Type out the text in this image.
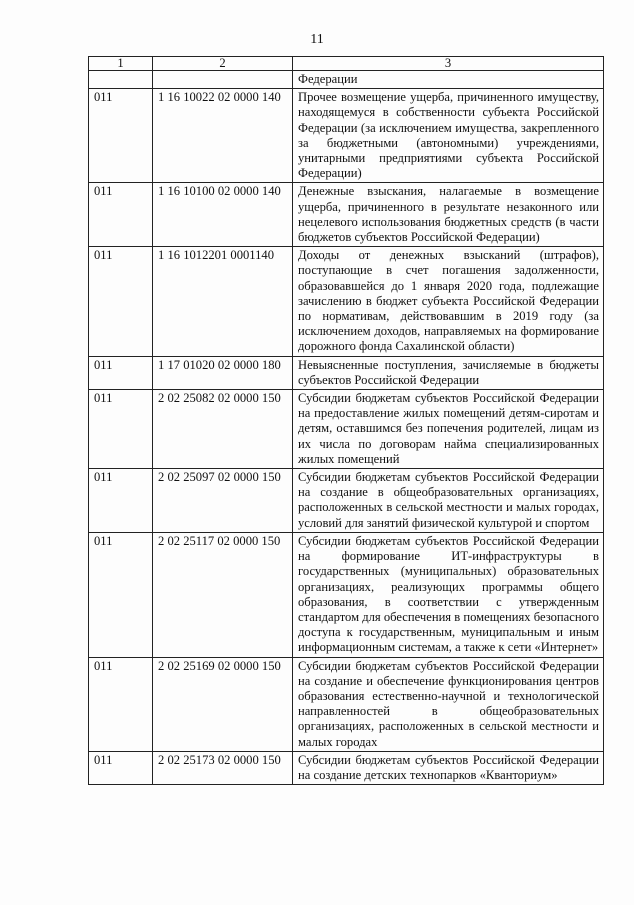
11
1	2	3
		Федерации
011	1 16 10022 02 0000 140	Прочее возмещение ущерба, причиненного имуществу, находящемуся в собственности субъекта Российской Федерации (за исключением имущества, закрепленного за бюджетными (автономными) учреждениями, унитарными предприятиями субъекта Российской Федерации)
011	1 16 10100 02 0000 140	Денежные взыскания, налагаемые в возмещение ущерба, причиненного в результате незаконного или нецелевого использования бюджетных средств (в части бюджетов субъектов Российской Федерации)
011	1 16 1012201 0001140	Доходы от денежных взысканий (штрафов), поступающие в счет погашения задолженности, образовавшейся до 1 января 2020 года, подлежащие зачислению в бюджет субъекта Российской Федерации по нормативам, действовавшим в 2019 году (за исключением доходов, направляемых на формирование дорожного фонда Сахалинской области)
011	1 17 01020 02 0000 180	Невыясненные поступления, зачисляемые в бюджеты субъектов Российской Федерации
011	2 02 25082 02 0000 150	Субсидии бюджетам субъектов Российской Федерации на предоставление жилых помещений детям-сиротам и детям, оставшимся без попечения родителей, лицам из их числа по договорам найма специализированных жилых помещений
011	2 02 25097 02 0000 150	Субсидии бюджетам субъектов Российской Федерации на создание в общеобразовательных организациях, расположенных в сельской местности и малых городах, условий для занятий физической культурой и спортом
011	2 02 25117 02 0000 150	Субсидии бюджетам субъектов Российской Федерации на формирование ИТ-инфраструктуры в государственных (муниципальных) образовательных организациях, реализующих программы общего образования, в соответствии с утвержденным стандартом для обеспечения в помещениях безопасного доступа к государственным, муниципальным и иным информационным системам, а также к сети «Интернет»
011	2 02 25169 02 0000 150	Субсидии бюджетам субъектов Российской Федерации на создание и обеспечение функционирования центров образования естественно-научной и технологической направленностей в общеобразовательных организациях, расположенных в сельской местности и малых городах
011	2 02 25173 02 0000 150	Субсидии бюджетам субъектов Российской Федерации на создание детских технопарков «Кванториум»
